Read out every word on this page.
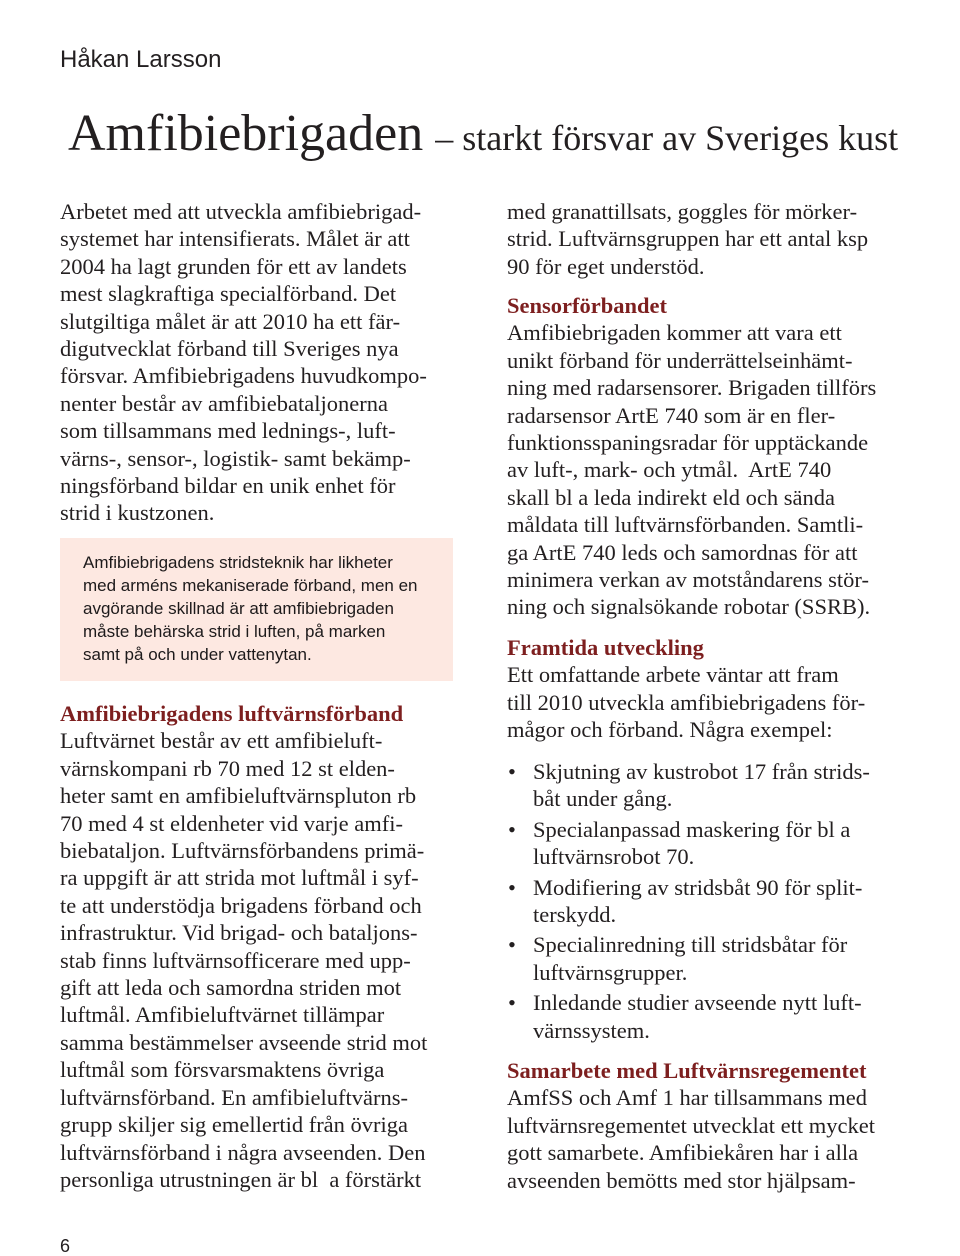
Håkan Larsson
Amfibiebrigaden – starkt försvar av Sveriges kust

Arbetet med att utveckla amfibiebrigad-
systemet har intensifierats. Målet är att
2004 ha lagt grunden för ett av landets
mest slagkraftiga specialförband. Det
slutgiltiga målet är att 2010 ha ett fär-
digutvecklat förband till Sveriges nya
försvar. Amfibiebrigadens huvudkompo-
nenter består av amfibiebataljonerna
som tillsammans med lednings-, luft-
värns-, sensor-, logistik- samt bekämp-
ningsförband bildar en unik enhet för
strid i kustzonen.

Amfibiebrigadens stridsteknik har likheter
med arméns mekaniserade förband, men en
avgörande skillnad är att amfibiebrigaden
måste behärska strid i luften, på marken
samt på och under vattenytan.
Amfibiebrigadens luftvärnsförband

Luftvärnet består av ett amfibieluft-
värnskompani rb 70 med 12 st elden-
heter samt en amfibieluftvärnspluton rb
70 med 4 st eldenheter vid varje amfi-
biebataljon. Luftvärnsförbandens primä-
ra uppgift är att strida mot luftmål i syf-
te att understödja brigadens förband och
infrastruktur. Vid brigad- och bataljons-
stab finns luftvärnsofficerare med upp-
gift att leda och samordna striden mot
luftmål. Amfibieluftvärnet tillämpar
samma bestämmelser avseende strid mot
luftmål som försvarsmaktens övriga
luftvärnsförband. En amfibieluftvärns-
grupp skiljer sig emellertid från övriga
luftvärnsförband i några avseenden. Den
personliga utrustningen är bl  a förstärkt

med granattillsats, goggles för mörker-
strid. Luftvärnsgruppen har ett antal ksp
90 för eget understöd.

Sensorförbandet

Amfibiebrigaden kommer att vara ett
unikt förband för underrättelseinhämt-
ning med radarsensorer. Brigaden tillförs
radarsensor ArtE 740 som är en fler-
funktionsspaningsradar för upptäckande
av luft-, mark- och ytmål.  ArtE 740
skall bl a leda indirekt eld och sända
måldata till luftvärnsförbanden. Samtli-
ga ArtE 740 leds och samordnas för att
minimera verkan av motståndarens stör-
ning och signalsökande robotar (SSRB).

Framtida utveckling

Ett omfattande arbete väntar att fram
till 2010 utveckla amfibiebrigadens för-
mågor och förband. Några exempel:

• Skjutning av kustrobot 17 från strids-
båt under gång.
• Specialanpassad maskering för bl a
luftvärnsrobot 70.
• Modifiering av stridsbåt 90 för split-
terskydd.
• Specialinredning till stridsbåtar för
luftvärnsgrupper.
• Inledande studier avseende nytt luft-
värnssystem.
Samarbete med Luftvärnsregementet

AmfSS och Amf 1 har tillsammans med
luftvärnsregementet utvecklat ett mycket
gott samarbete. Amfibiekåren har i alla
avseenden bemötts med stor hjälpsam-

6
